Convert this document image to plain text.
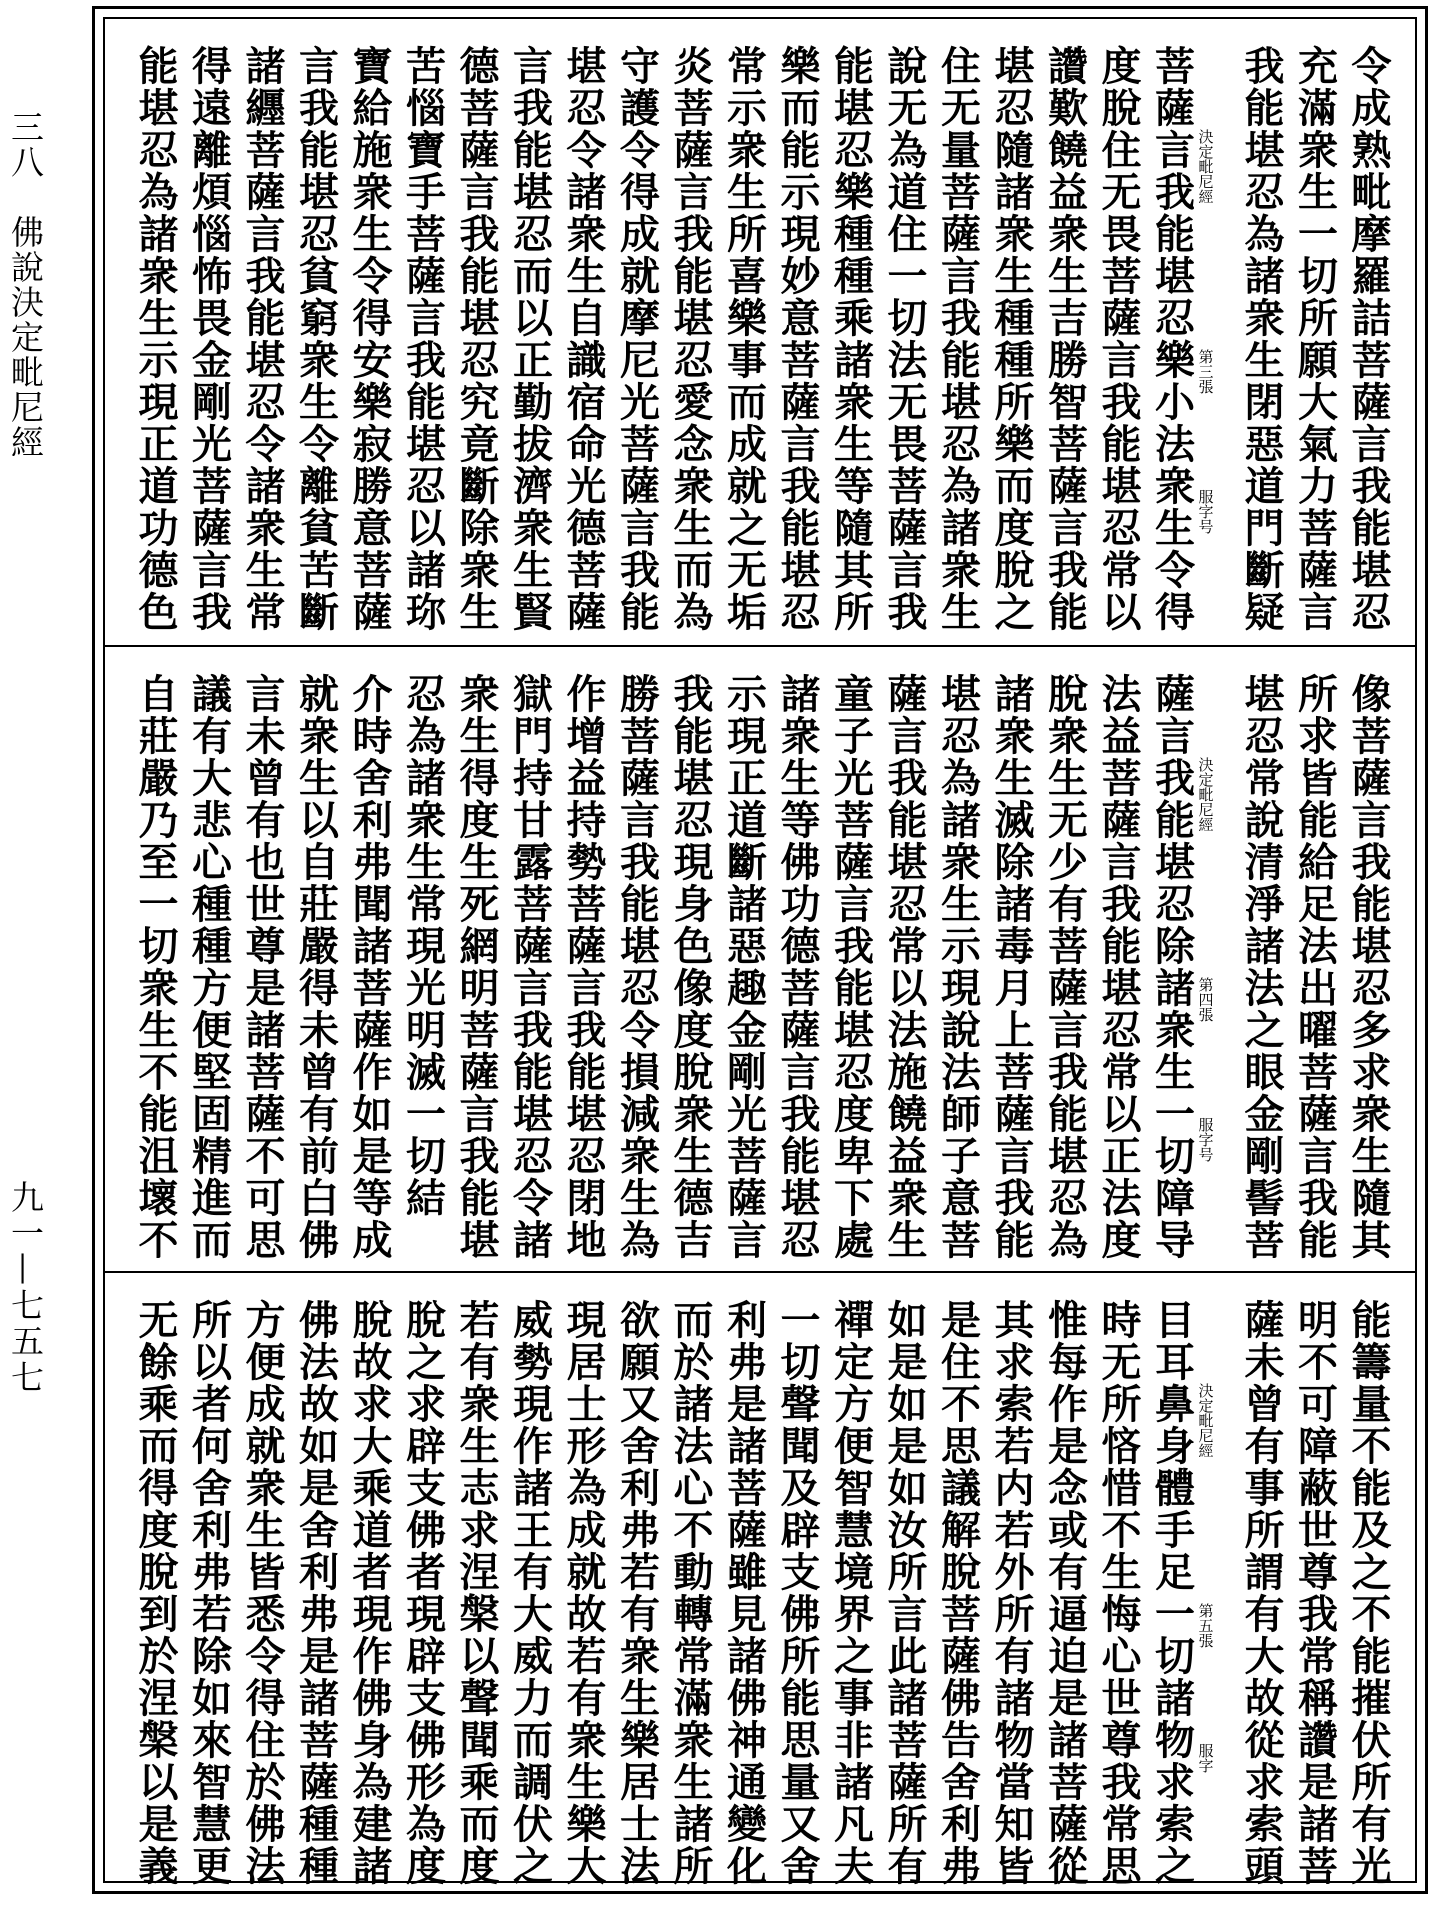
三八　佛說決定毗尼經
九一—七五七
令成熟毗摩羅詰菩薩言我能堪忍
充滿衆生一切所願大氣力菩薩言
我能堪忍為諸衆生閉惡道門斷疑
菩薩言我能堪忍樂小法衆生令得
度脫住无畏菩薩言我能堪忍常以
讚歎饒益衆生吉勝智菩薩言我能
堪忍隨諸衆生種種所樂而度脫之
住无量菩薩言我能堪忍為諸衆生
說无為道住一切法无畏菩薩言我
能堪忍樂種種乘諸衆生等隨其所
樂而能示現妙意菩薩言我能堪忍
常示衆生所喜樂事而成就之无垢
炎菩薩言我能堪忍愛念衆生而為
守護令得成就摩尼光菩薩言我能
堪忍令諸衆生自識宿命光德菩薩
言我能堪忍而以正勤拔濟衆生賢
德菩薩言我能堪忍究竟斷除衆生
苦惱寶手菩薩言我能堪忍以諸珎
寶給施衆生令得安樂寂勝意菩薩
言我能堪忍貧窮衆生令離貧苦斷
諸纒菩薩言我能堪忍令諸衆生常
得遠離煩惱怖畏金剛光菩薩言我
能堪忍為諸衆生示現正道功德色	決定毗尼經
第三張
服字号
像菩薩言我能堪忍多求衆生隨其
所求皆能給足法出曜菩薩言我能
堪忍常說清淨諸法之眼金剛髻菩
薩言我能堪忍除諸衆生一切障导
法益菩薩言我能堪忍常以正法度
脫衆生无少有菩薩言我能堪忍為
諸衆生滅除諸毒月上菩薩言我能
堪忍為諸衆生示現說法師子意菩
薩言我能堪忍常以法施饒益衆生
童子光菩薩言我能堪忍度卑下處
諸衆生等佛功德菩薩言我能堪忍
示現正道斷諸惡趣金剛光菩薩言
我能堪忍現身色像度脫衆生德吉
勝菩薩言我能堪忍令損減衆生為
作增益持勢菩薩言我能堪忍閉地
獄門持甘露菩薩言我能堪忍令諸
衆生得度生死網明菩薩言我能堪
忍為諸衆生常現光明滅一切結
介時舍利弗聞諸菩薩作如是等成
就衆生以自莊嚴得未曾有前白佛
言未曾有也世尊是諸菩薩不可思
議有大悲心種種方便堅固精進而
自莊嚴乃至一切衆生不能沮壞不	決定毗尼經
第四張
服字号
能籌量不能及之不能摧伏所有光
明不可障蔽世尊我常稱讚是諸菩
薩未曾有事所謂有大故從求索頭
目耳鼻身體手足一切諸物求索之
時无所悋惜不生悔心世尊我常思
惟每作是念或有逼迫是諸菩薩從
其求索若内若外所有諸物當知皆
是住不思議解脫菩薩佛告舍利弗
如是如是如汝所言此諸菩薩所有
禪定方便智慧境界之事非諸凡夫
一切聲聞及辟支佛所能思量又舍
利弗是諸菩薩雖見諸佛神通變化
而於諸法心不動轉常滿衆生諸所
欲願又舍利弗若有衆生樂居士法
現居士形為成就故若有衆生樂大
威勢現作諸王有大威力而調伏之
若有衆生志求涅槃以聲聞乘而度
脫之求辟支佛者現辟支佛形為度
脫故求大乘道者現作佛身為建諸
佛法故如是舍利弗是諸菩薩種種
方便成就衆生皆悉令得住於佛法
所以者何舍利弗若除如來智慧更
无餘乘而得度脫到於涅槃以是義	決定毗尼經
第五張
服字
